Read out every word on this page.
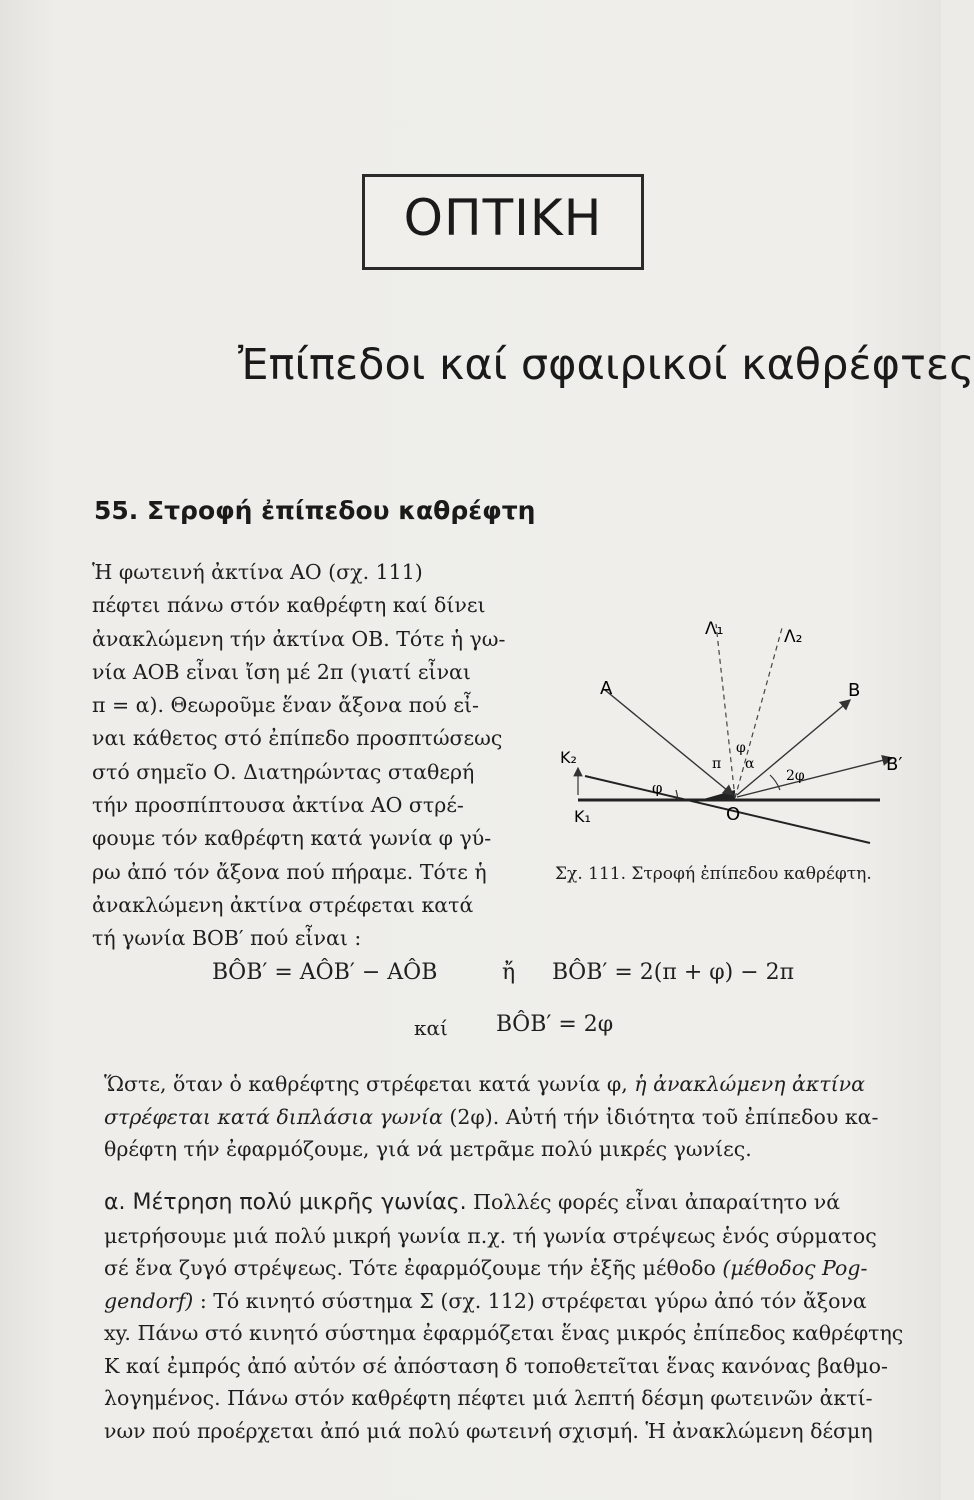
ΟΠΤΙΚΗ
Ἐπίπεδοι καί σφαιρικοί καθρέφτες
55. Στροφή ἐπίπεδου καθρέφτη

Ἡ φωτεινή ἀκτίνα ΑΟ (σχ. 111)

πέφτει πάνω στόν καθρέφτη καί δίνει

ἀνακλώμενη τήν ἀκτίνα ΟΒ. Τότε ἡ γω-

νία ΑΟΒ εἶναι ἴση μέ 2π (γιατί εἶναι

π = α). Θεωροῦμε ἕναν ἄξονα πού εἶ-

ναι κάθετος στό ἐπίπεδο προσπτώσεως

στό σημεῖο Ο. Διατηρώντας σταθερή

τήν προσπίπτουσα ἀκτίνα ΑΟ στρέ-

φουμε τόν καθρέφτη κατά γωνία φ γύ-

ρω ἀπό τόν ἄξονα πού πήραμε. Τότε ἡ

ἀνακλώμενη ἀκτίνα στρέφεται κατά

τή γωνία ΒΟΒ′ πού εἶναι :

Λ₁	Λ₂
Α	Β
Β′
Κ₂
Κ₁	Ο
φ
φ
π α
2φ
Σχ. 111. Στροφή ἐπίπεδου καθρέφτη.
ΒÔΒ′ = ΑÔΒ′ − ΑÔΒ	ἤ ΒÔΒ′ = 2(π + φ) − 2π
καί ΒÔΒ′ = 2φ

Ὥστε, ὅταν ὁ καθρέφτης στρέφεται κατά γωνία φ, ἡ ἀνακλώμενη ἀκτίνα

στρέφεται κατά διπλάσια γωνία (2φ). Αὐτή τήν ἰδιότητα τοῦ ἐπίπεδου κα-

θρέφτη τήν ἐφαρμόζουμε, γιά νά μετρᾶμε πολύ μικρές γωνίες.

α. Μέτρηση πολύ μικρῆς γωνίας. Πολλές φορές εἶναι ἀπαραίτητο νά

μετρήσουμε μιά πολύ μικρή γωνία π.χ. τή γωνία στρέψεως ἑνός σύρματος

σέ ἕνα ζυγό στρέψεως. Τότε ἐφαρμόζουμε τήν ἑξῆς μέθοδο (μέθοδος Pog-

gendorf) : Τό κινητό σύστημα Σ (σχ. 112) στρέφεται γύρω ἀπό τόν ἄξονα

xy. Πάνω στό κινητό σύστημα ἐφαρμόζεται ἕνας μικρός ἐπίπεδος καθρέφτης

Κ καί ἐμπρός ἀπό αὐτόν σέ ἀπόσταση δ τοποθετεῖται ἕνας κανόνας βαθμο-

λογημένος. Πάνω στόν καθρέφτη πέφτει μιά λεπτή δέσμη φωτεινῶν ἀκτί-

νων πού προέρχεται ἀπό μιά πολύ φωτεινή σχισμή. Ἡ ἀνακλώμενη δέσμη
